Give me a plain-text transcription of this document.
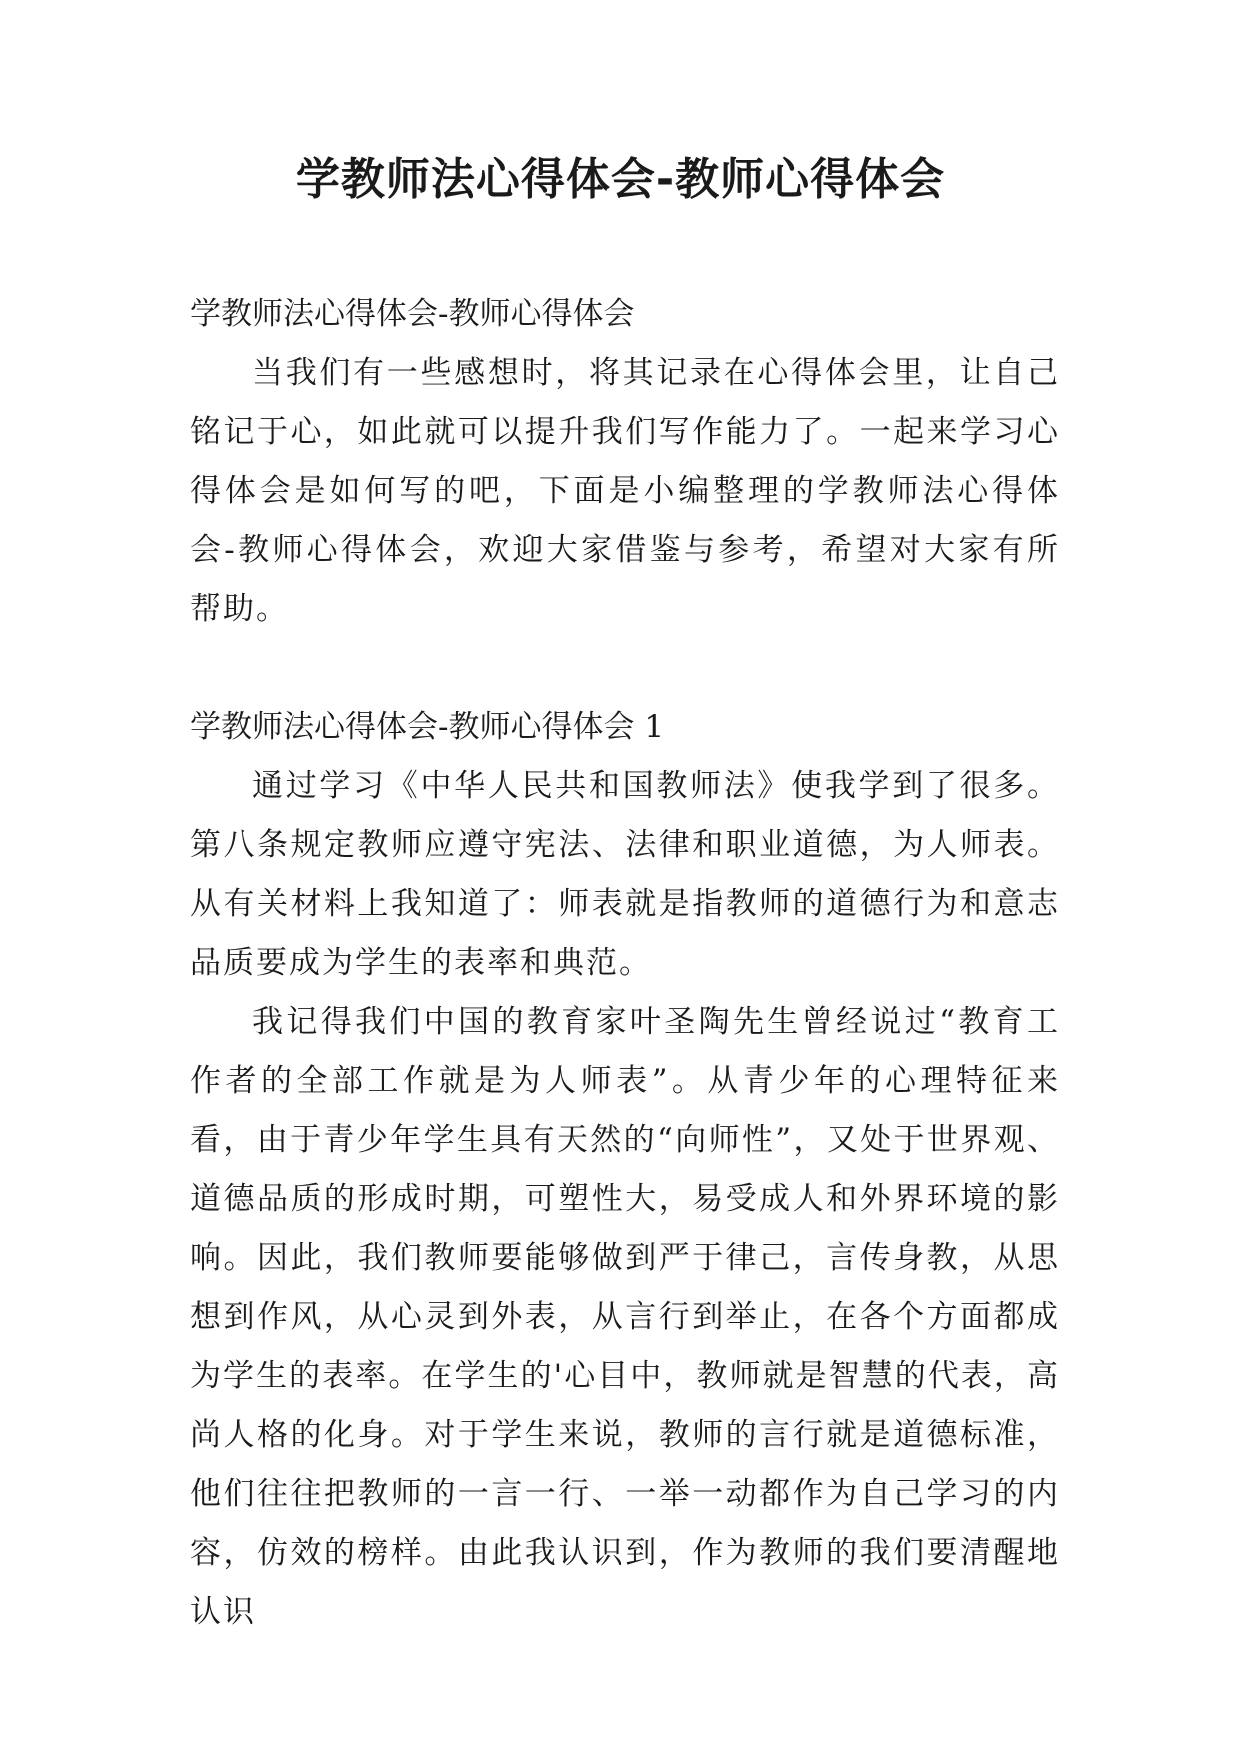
学教师法心得体会-教师心得体会

学教师法心得体会-教师心得体会

当我们有一些感想时，将其记录在心得体会里，让自己铭记于心，如此就可以提升我们写作能力了。一起来学习心得体会是如何写的吧，下面是小编整理的学教师法心得体会-教师心得体会，欢迎大家借鉴与参考，希望对大家有所帮助。

学教师法心得体会-教师心得体会 1

通过学习《中华人民共和国教师法》使我学到了很多。第八条规定教师应遵守宪法、法律和职业道德，为人师表。从有关材料上我知道了：师表就是指教师的道德行为和意志品质要成为学生的表率和典范。

我记得我们中国的教育家叶圣陶先生曾经说过“教育工作者的全部工作就是为人师表”。从青少年的心理特征来看，由于青少年学生具有天然的“向师性”，又处于世界观、道德品质的形成时期，可塑性大，易受成人和外界环境的影响。因此，我们教师要能够做到严于律己，言传身教，从思想到作风，从心灵到外表，从言行到举止，在各个方面都成为学生的表率。在学生的'心目中，教师就是智慧的代表，高尚人格的化身。对于学生来说，教师的言行就是道德标准，他们往往把教师的一言一行、一举一动都作为自己学习的内容，仿效的榜样。由此我认识到，作为教师的我们要清醒地认识
